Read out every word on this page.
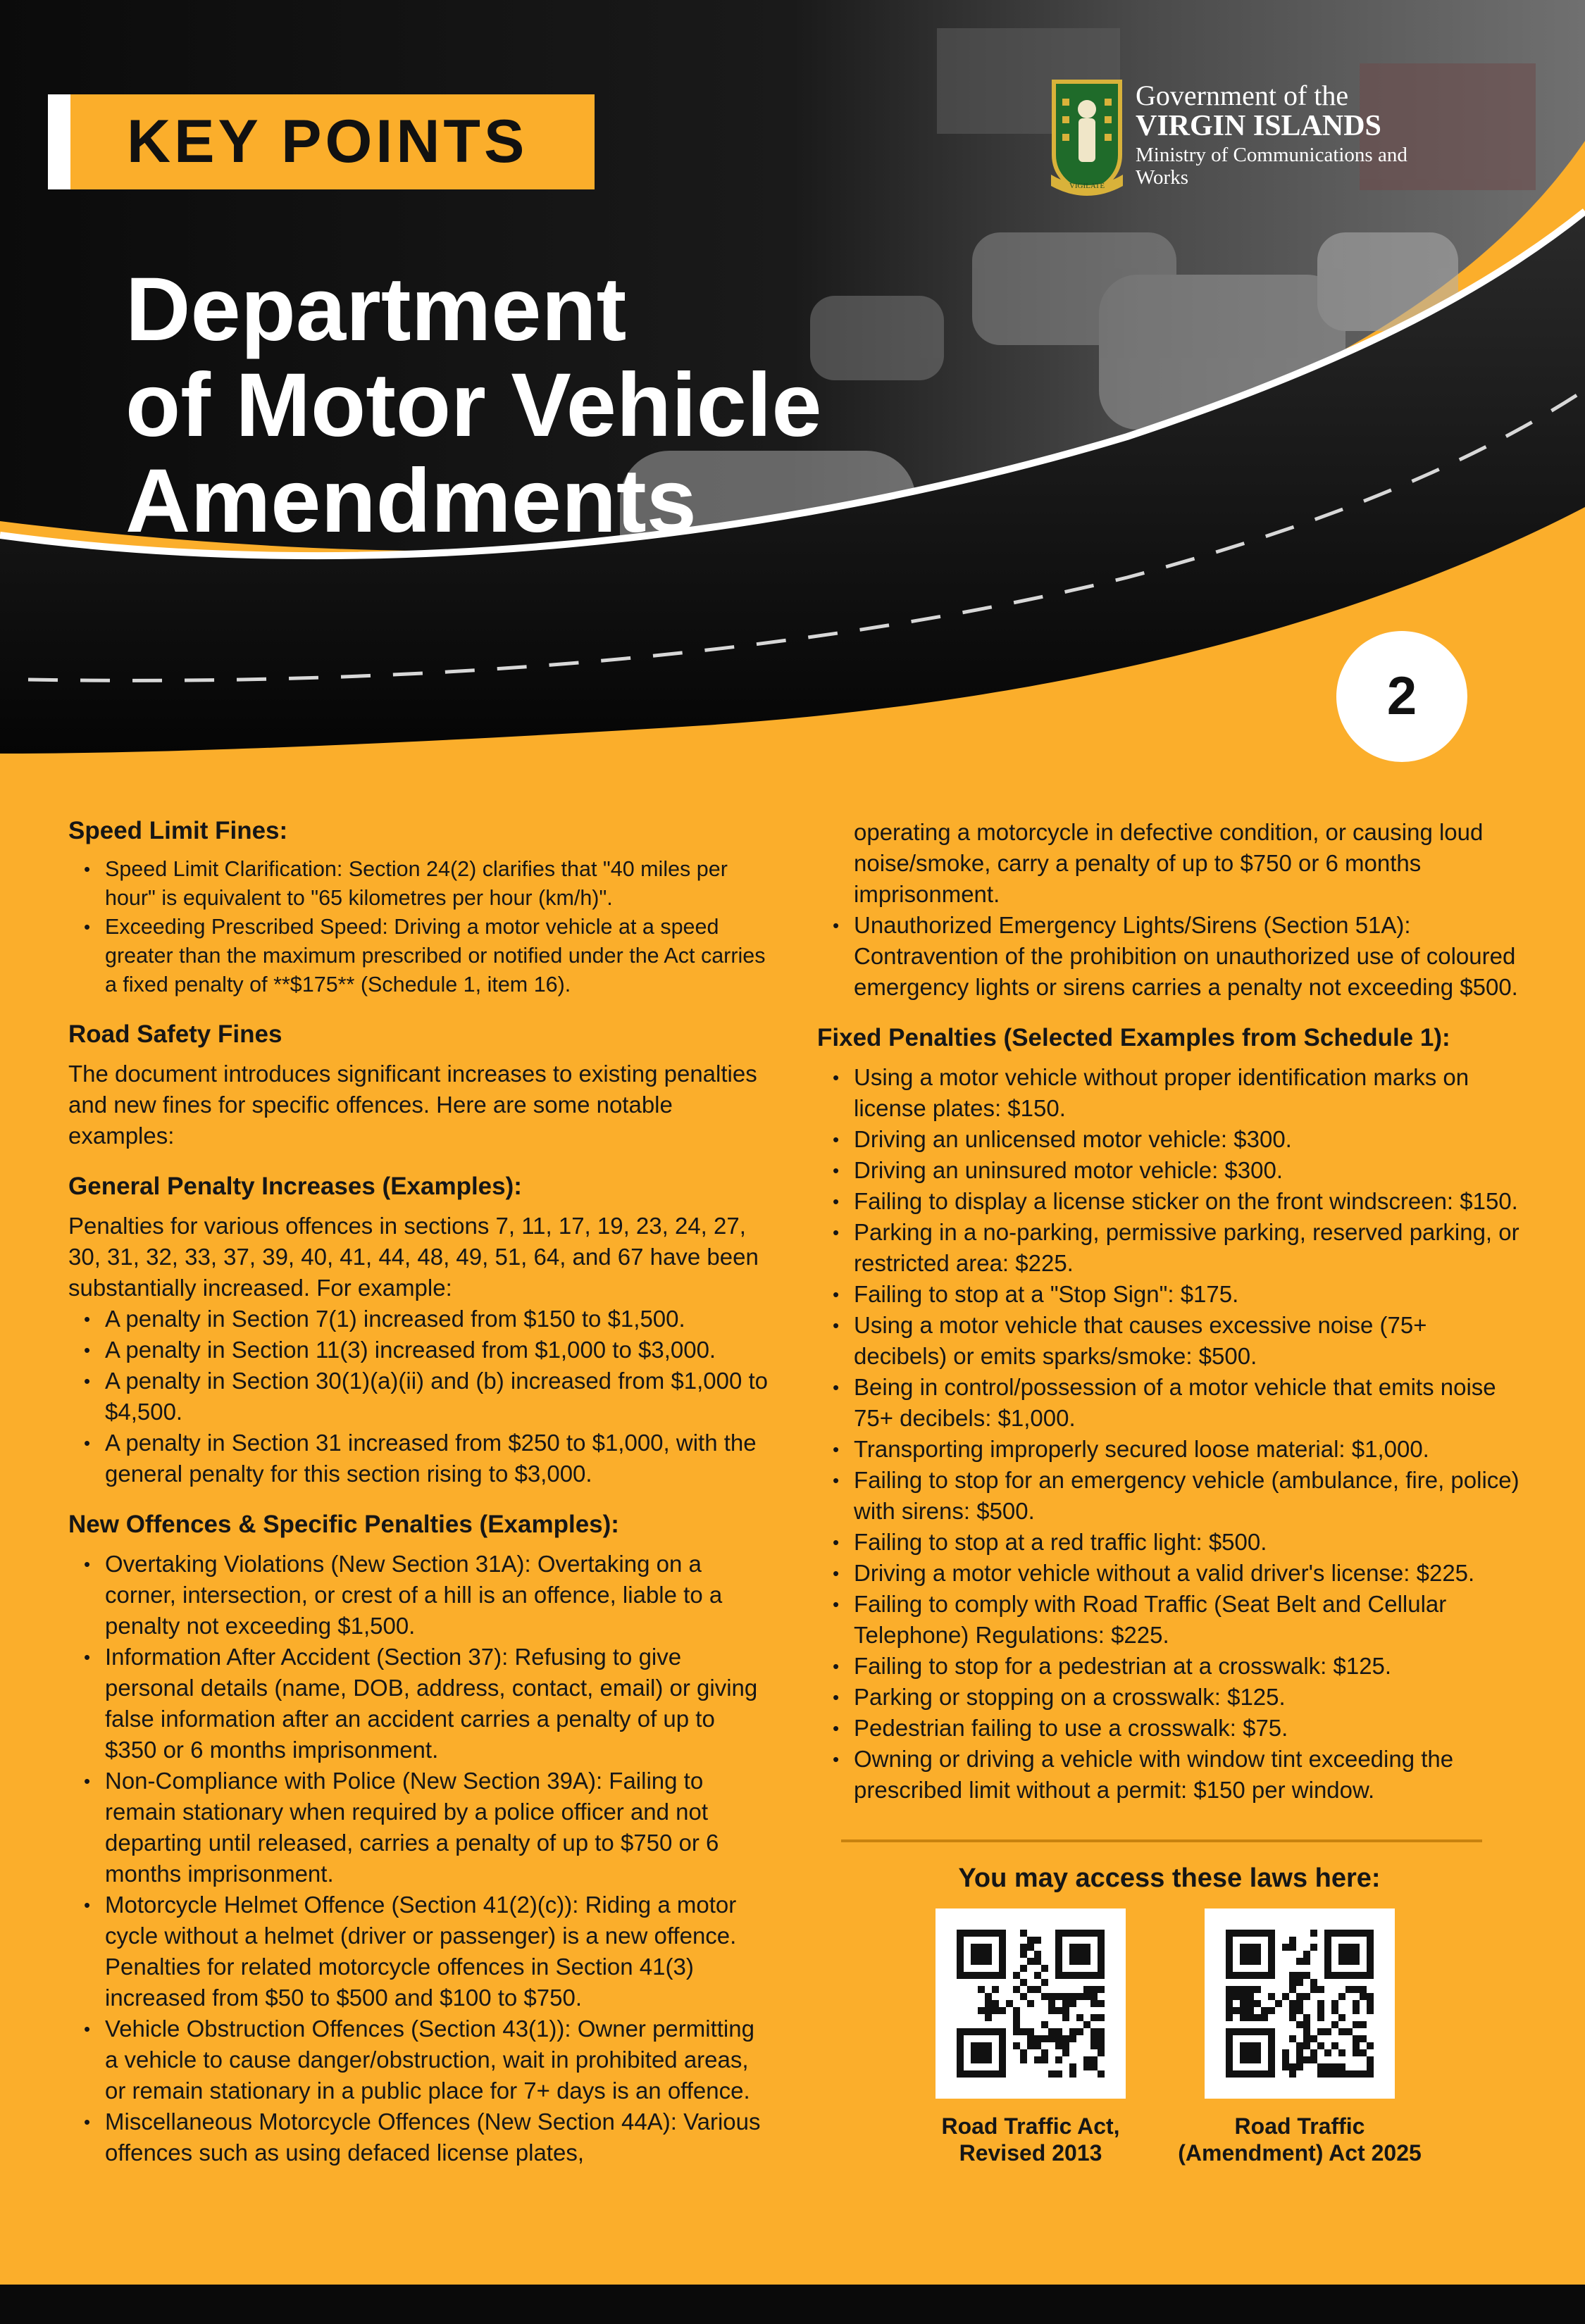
KEY POINTS
Department
of Motor Vehicle
Amendments
VIGILATE
Government of the
VIRGIN ISLANDS
Ministry of Communications and Works
2
Speed Limit Fines:
• Speed Limit Clarification: Section 24(2) clarifies that "40 miles per hour" is equivalent to "65 kilometres per hour (km/h)".
• Exceeding Prescribed Speed: Driving a motor vehicle at a speed greater than the maximum prescribed or notified under the Act carries a fixed penalty of **$175** (Schedule 1, item 16).
Road Safety Fines

The document introduces significant increases to existing penalties and new fines for specific offences. Here are some notable examples:

General Penalty Increases (Examples):

Penalties for various offences in sections 7, 11, 17, 19, 23, 24, 27, 30, 31, 32, 33, 37, 39, 40, 41, 44, 48, 49, 51, 64, and 67 have been substantially increased. For example:

• A penalty in Section 7(1) increased from $150 to $1,500.
• A penalty in Section 11(3) increased from $1,000 to $3,000.
• A penalty in Section 30(1)(a)(ii) and (b) increased from $1,000 to $4,500.
• A penalty in Section 31 increased from $250 to $1,000, with the general penalty for this section rising to $3,000.
New Offences & Specific Penalties (Examples):
• Overtaking Violations (New Section 31A): Overtaking on a corner, intersection, or crest of a hill is an offence, liable to a penalty not exceeding $1,500.
• Information After Accident (Section 37): Refusing to give personal details (name, DOB, address, contact, email) or giving false information after an accident carries a penalty of up to $350 or 6 months imprisonment.
• Non-Compliance with Police (New Section 39A): Failing to remain stationary when required by a police officer and not departing until released, carries a penalty of up to $750 or 6 months imprisonment.
• Motorcycle Helmet Offence (Section 41(2)(c)): Riding a motor cycle without a helmet (driver or passenger) is a new offence. Penalties for related motorcycle offences in Section 41(3) increased from $50 to $500 and $100 to $750.
• Vehicle Obstruction Offences (Section 43(1)): Owner permitting a vehicle to cause danger/obstruction, wait in prohibited areas, or remain stationary in a public place for 7+ days is an offence.
• Miscellaneous Motorcycle Offences (New Section 44A): Various offences such as using defaced license plates,

operating a motorcycle in defective condition, or causing loud noise/smoke, carry a penalty of up to $750 or 6 months imprisonment.

• Unauthorized Emergency Lights/Sirens (Section 51A): Contravention of the prohibition on unauthorized use of coloured emergency lights or sirens carries a penalty not exceeding $500.
Fixed Penalties (Selected Examples from Schedule 1):
• Using a motor vehicle without proper identification marks on license plates: $150.
• Driving an unlicensed motor vehicle: $300.
• Driving an uninsured motor vehicle: $300.
• Failing to display a license sticker on the front windscreen: $150.
• Parking in a no-parking, permissive parking, reserved parking, or restricted area: $225.
• Failing to stop at a "Stop Sign": $175.
• Using a motor vehicle that causes excessive noise (75+ decibels) or emits sparks/smoke: $500.
• Being in control/possession of a motor vehicle that emits noise 75+ decibels: $1,000.
• Transporting improperly secured loose material: $1,000.
• Failing to stop for an emergency vehicle (ambulance, fire, police) with sirens: $500.
• Failing to stop at a red traffic light: $500.
• Driving a motor vehicle without a valid driver's license: $225.
• Failing to comply with Road Traffic (Seat Belt and Cellular Telephone) Regulations: $225.
• Failing to stop for a pedestrian at a crosswalk: $125.
• Parking or stopping on a crosswalk: $125.
• Pedestrian failing to use a crosswalk: $75.
• Owning or driving a vehicle with window tint exceeding the prescribed limit without a permit: $150 per window.
You may access these laws here:
Road Traffic Act,
Revised 2013
Road Traffic
(Amendment) Act 2025
